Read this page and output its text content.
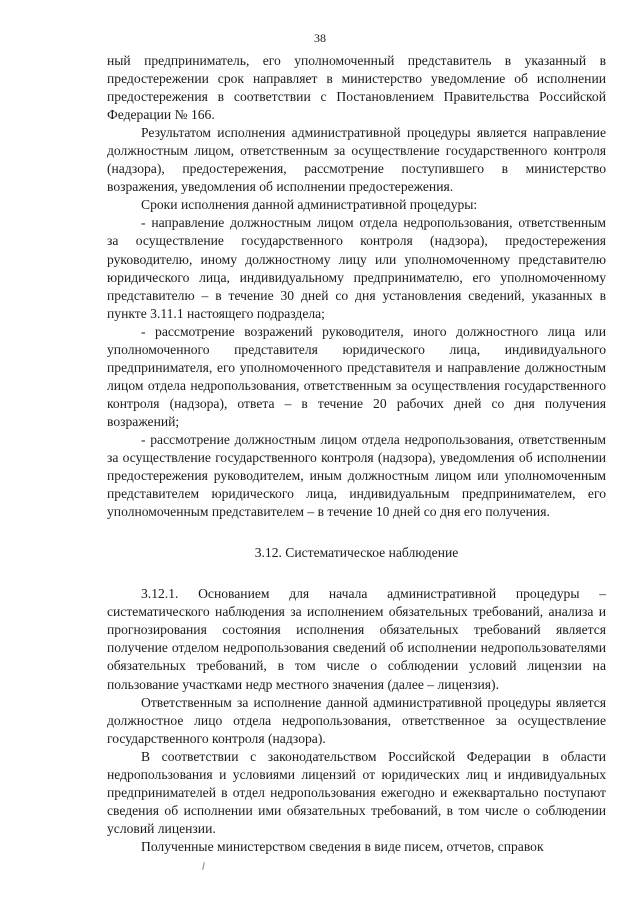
38

ный предприниматель, его уполномоченный представитель в указанный в предостережении срок направляет в министерство уведомление об исполнении предостережения в соответствии с Постановлением Правительства Российской Федерации № 166.

Результатом исполнения административной процедуры является направление должностным лицом, ответственным за осуществление государственного контроля (надзора), предостережения, рассмотрение поступившего в министерство возражения, уведомления об исполнении предостережения.

Сроки исполнения данной административной процедуры:

- направление должностным лицом отдела недропользования, ответственным за осуществление государственного контроля (надзора), предостережения руководителю, иному должностному лицу или уполномоченному представителю юридического лица, индивидуальному предпринимателю, его уполномоченному представителю – в течение 30 дней со дня установления сведений, указанных в пункте 3.11.1 настоящего подраздела;

- рассмотрение возражений руководителя, иного должностного лица или уполномоченного представителя юридического лица, индивидуального предпринимателя, его уполномоченного представителя и направление должностным лицом отдела недропользования, ответственным за осуществления государственного контроля (надзора), ответа – в течение 20 рабочих дней со дня получения возражений;

- рассмотрение должностным лицом отдела недропользования, ответственным за осуществление государственного контроля (надзора), уведомления об исполнении предостережения руководителем, иным должностным лицом или уполномоченным представителем юридического лица, индивидуальным предпринимателем, его уполномоченным представителем – в течение 10 дней со дня его получения.

3.12. Систематическое наблюдение

3.12.1. Основанием для начала административной процедуры – систематического наблюдения за исполнением обязательных требований, анализа и прогнозирования состояния исполнения обязательных требований является получение отделом недропользования сведений об исполнении недропользователями обязательных требований, в том числе о соблюдении условий лицензии на пользование участками недр местного значения (далее – лицензия).

Ответственным за исполнение данной административной процедуры является должностное лицо отдела недропользования, ответственное за осуществление государственного контроля (надзора).

В соответствии с законодательством Российской Федерации в области недропользования и условиями лицензий от юридических лиц и индивидуальных предпринимателей в отдел недропользования ежегодно и ежеквартально поступают сведения об исполнении ими обязательных требований, в том числе о соблюдении условий лицензии.

Полученные министерством сведения в виде писем, отчетов, справок
